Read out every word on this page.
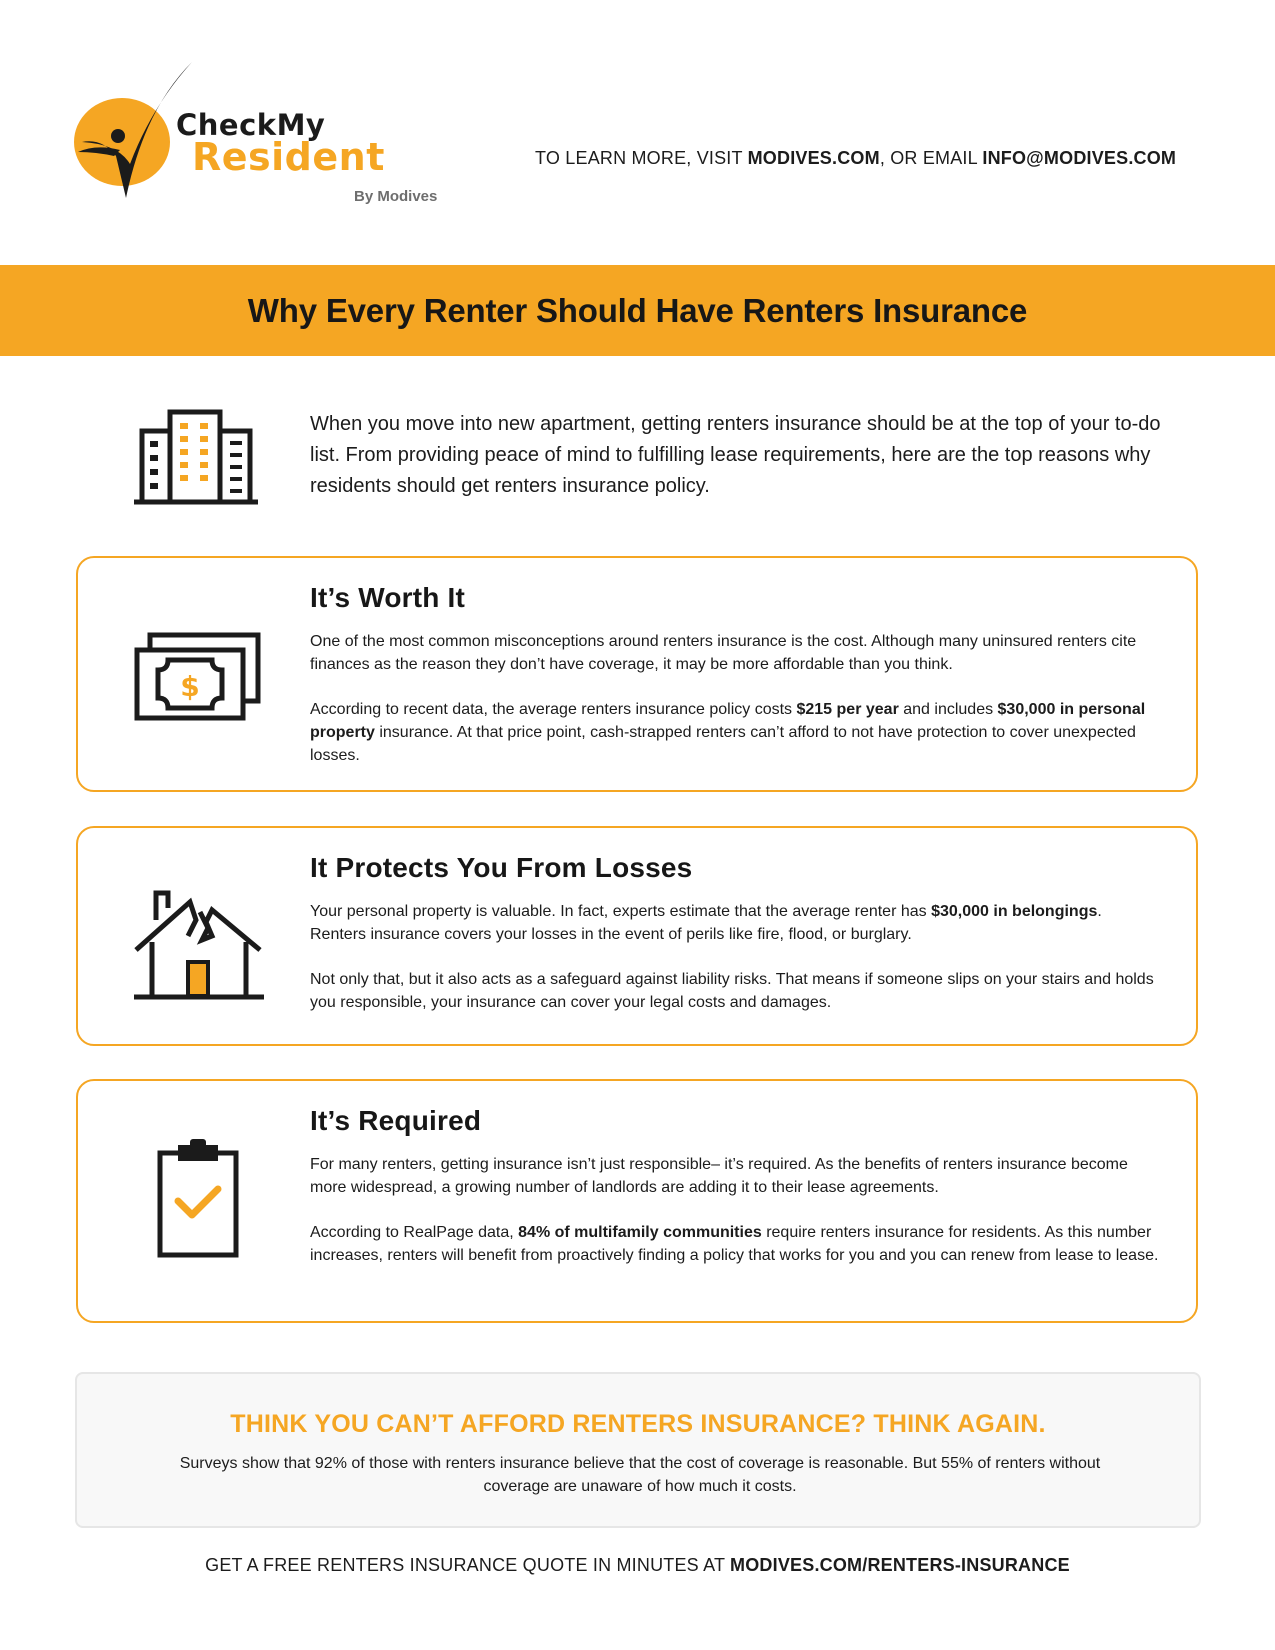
CheckMy
Resident
By Modives
TO LEARN MORE, VISIT MODIVES.COM, OR EMAIL INFO@MODIVES.COM
Why Every Renter Should Have Renters Insurance
When you move into new apartment, getting renters insurance should be at the top of your to-do list. From providing peace of mind to fulfilling lease requirements, here are the top reasons why residents should get renters insurance policy.
$
It’s Worth It

One of the most common misconceptions around renters insurance is the cost. Although many uninsured renters cite finances as the reason they don’t have coverage, it may be more affordable than you think.

According to recent data, the average renters insurance policy costs $215 per year and includes $30,000 in personal property insurance. At that price point, cash-strapped renters can’t afford to not have protection to cover unexpected losses.

It Protects You From Losses

Your personal property is valuable. In fact, experts estimate that the average renter has $30,000 in belongings. Renters insurance covers your losses in the event of perils like fire, flood, or burglary.

Not only that, but it also acts as a safeguard against liability risks. That means if someone slips on your stairs and holds you responsible, your insurance can cover your legal costs and damages.

It’s Required

For many renters, getting insurance isn’t just responsible– it’s required. As the benefits of renters insurance become more widespread, a growing number of landlords are adding it to their lease agreements.

According to RealPage data, 84% of multifamily communities require renters insurance for residents. As this number increases, renters will benefit from proactively finding a policy that works for you and you can renew from lease to lease.

THINK YOU CAN’T AFFORD RENTERS INSURANCE? THINK AGAIN.
Surveys show that 92% of those with renters insurance believe that the cost of coverage is reasonable. But 55% of renters without coverage are unaware of how much it costs.
GET A FREE RENTERS INSURANCE QUOTE IN MINUTES AT MODIVES.COM/RENTERS-INSURANCE
